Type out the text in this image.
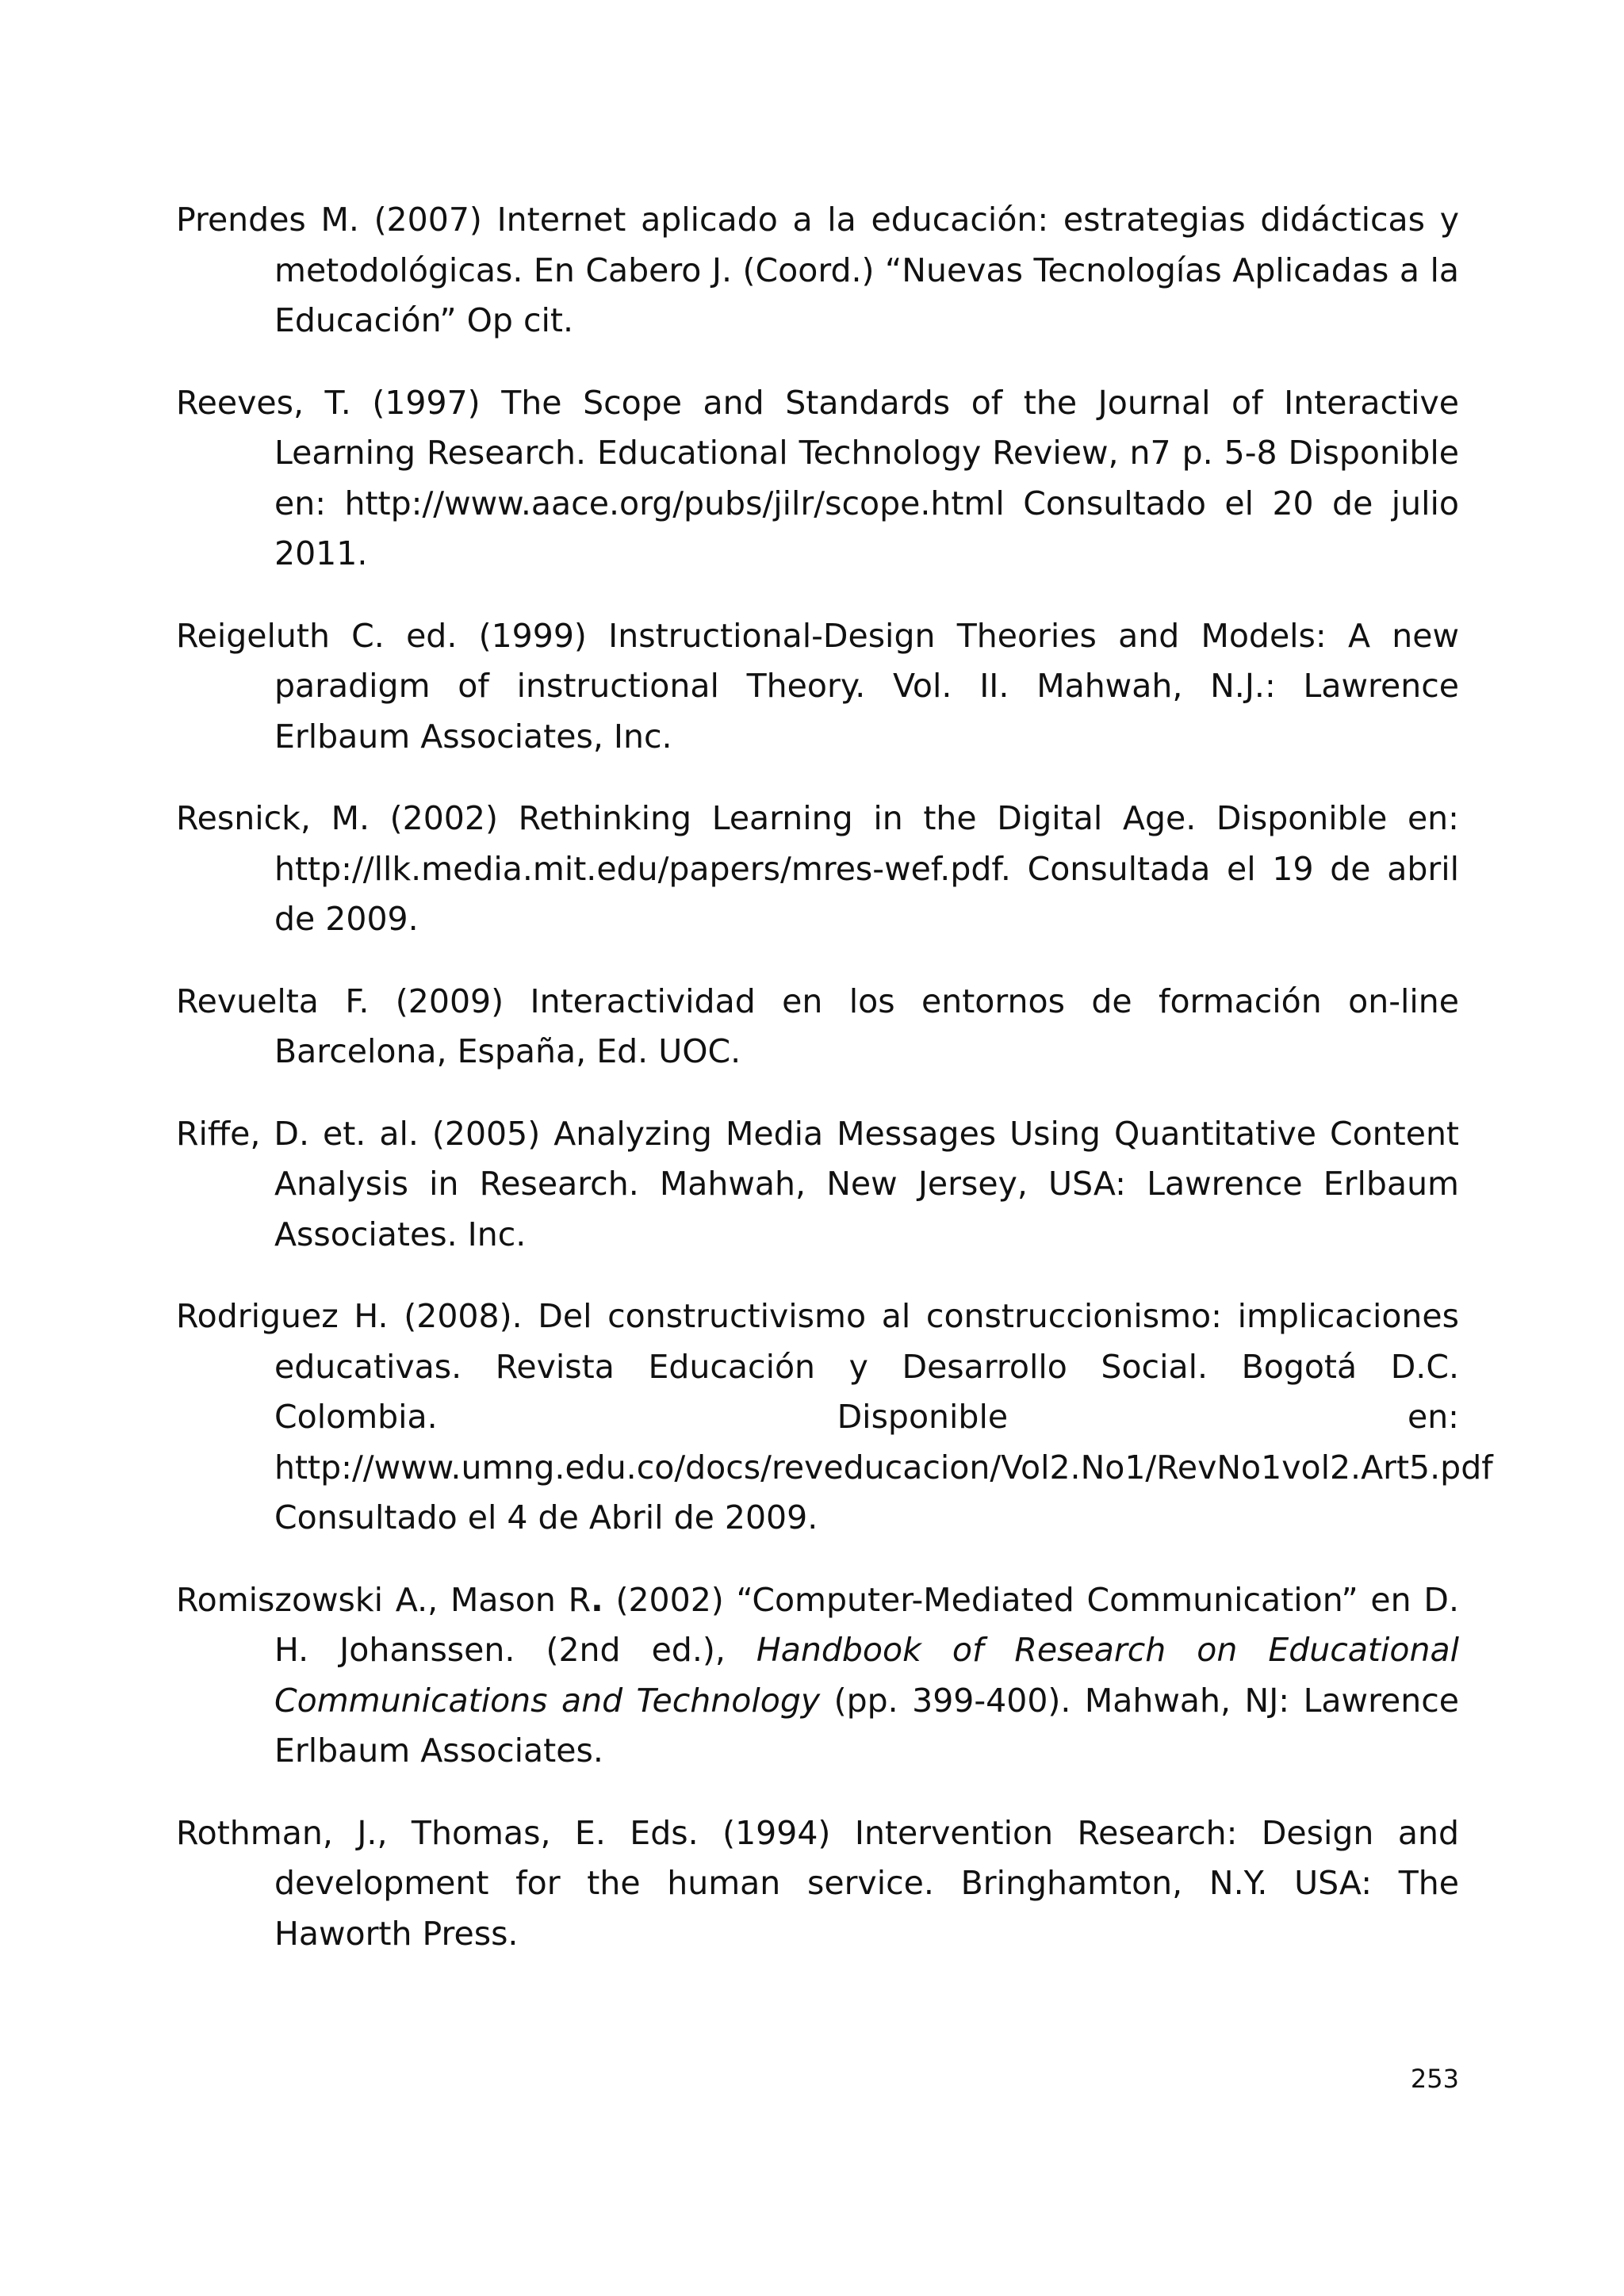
Prendes M. (2007) Internet aplicado a la educación: estrategias didácticas y metodológicas. En Cabero J. (Coord.) “Nuevas Tecnologías Aplicadas a la Educación” Op cit.

Reeves, T. (1997) The Scope and Standards of the Journal of Interactive Learning Research. Educational Technology Review, n7 p. 5-8 Disponible en: http://www.aace.org/pubs/jilr/scope.html Consultado el 20 de julio 2011.

Reigeluth C. ed. (1999) Instructional-Design Theories and Models: A new paradigm of instructional Theory. Vol. II. Mahwah, N.J.: Lawrence Erlbaum Associates, Inc.

Resnick, M. (2002) Rethinking Learning in the Digital Age. Disponible en: http://llk.media.mit.edu/papers/mres-wef.pdf. Consultada el 19 de abril de 2009.

Revuelta F. (2009) Interactividad en los entornos de formación on-line Barcelona, España, Ed. UOC.

Riffe, D. et. al. (2005) Analyzing Media Messages Using Quantitative Content Analysis in Research. Mahwah, New Jersey, USA: Lawrence Erlbaum Associates. Inc.

Rodriguez H. (2008). Del constructivismo al construccionismo: implicaciones educativas. Revista Educación y Desarrollo Social. Bogotá D.C. Colombia. Disponible en: http://www.umng.edu.co/docs/reveducacion/Vol2.No1/RevNo1vol2.Art5.pdf Consultado el 4 de Abril de 2009.

Romiszowski A., Mason R. (2002) “Computer-Mediated Communication” en D. H. Johanssen. (2nd ed.), Handbook of Research on Educational Communications and Technology (pp. 399-400). Mahwah, NJ: Lawrence Erlbaum Associates.

Rothman, J., Thomas, E. Eds. (1994) Intervention Research: Design and development for the human service. Bringhamton, N.Y. USA: The Haworth Press.

253
